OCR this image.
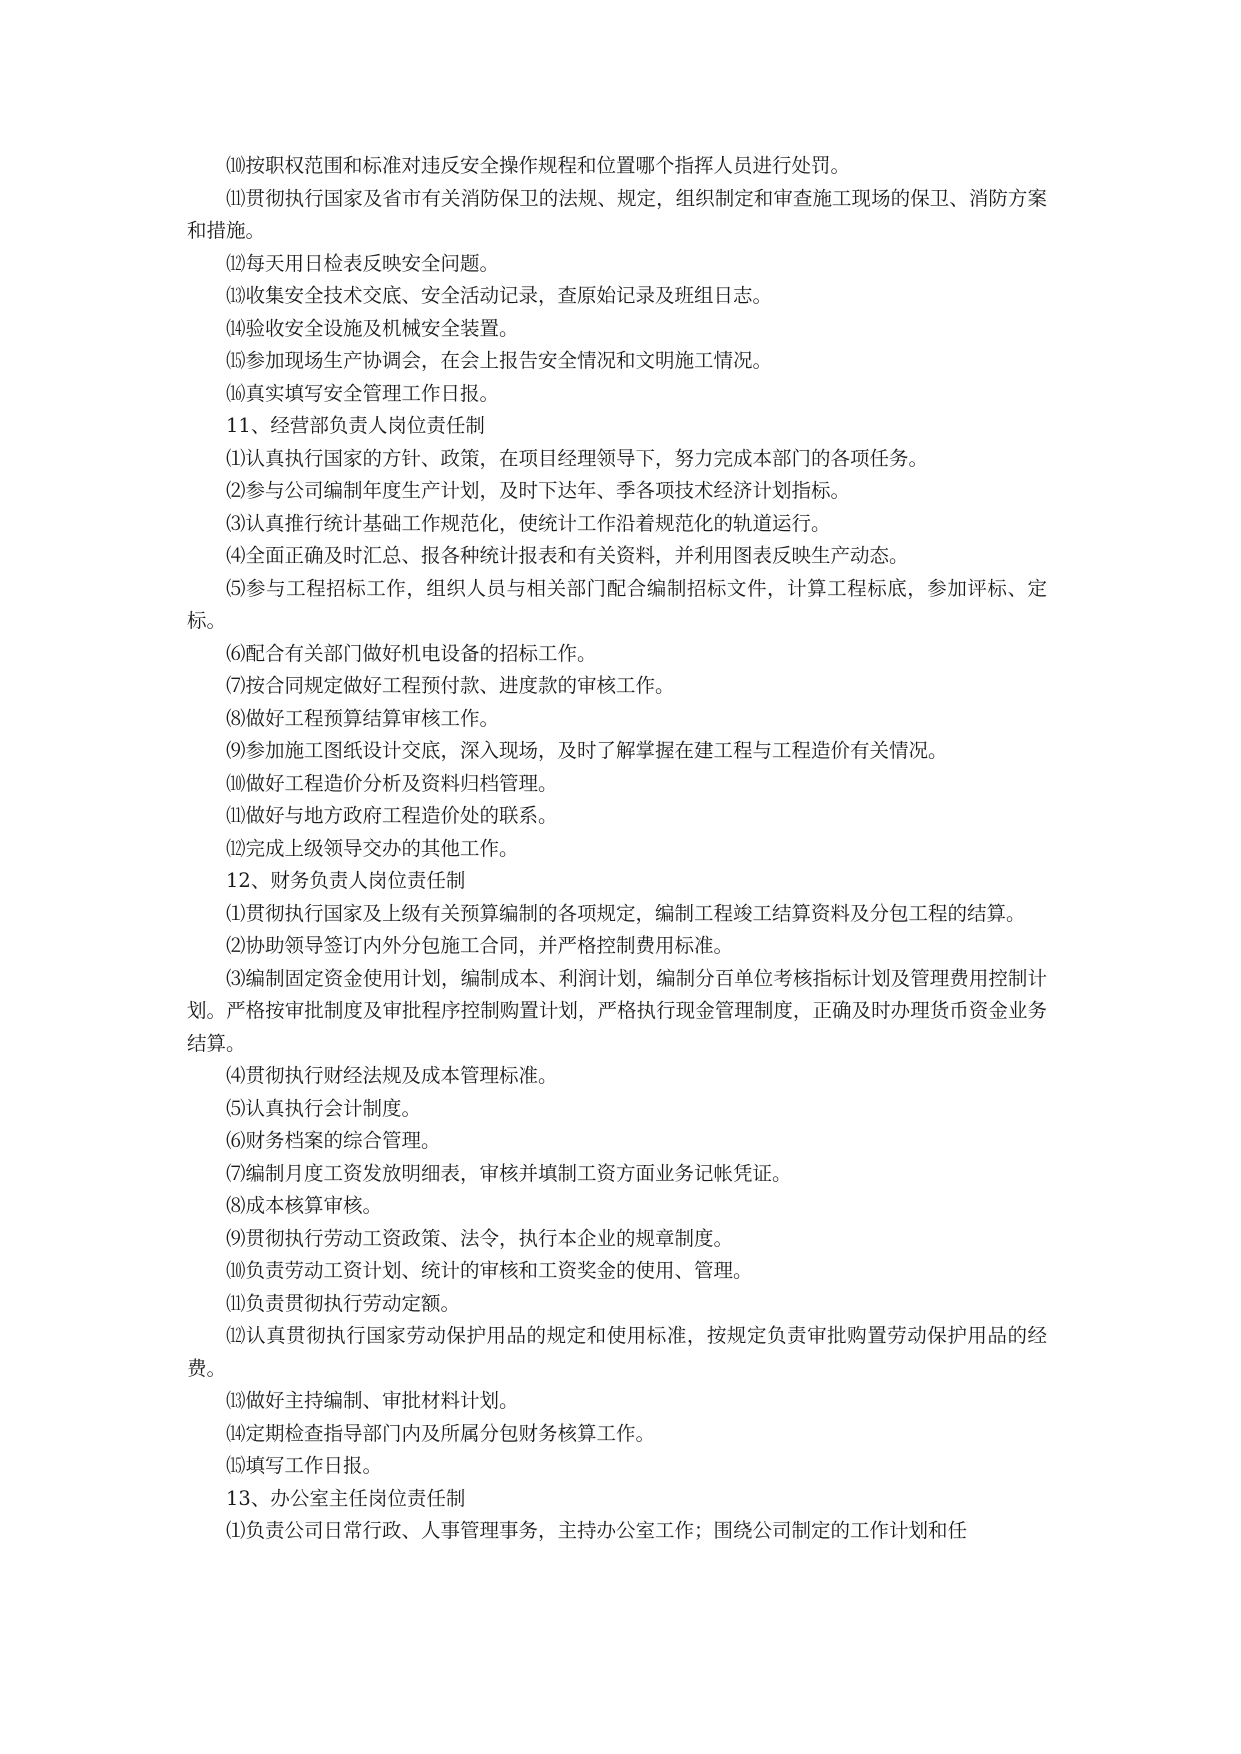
⑽按职权范围和标准对违反安全操作规程和位置哪个指挥人员进行处罚。

⑾贯彻执行国家及省市有关消防保卫的法规、规定，组织制定和审查施工现场的保卫、消防方案和措施。

⑿每天用日检表反映安全问题。

⒀收集安全技术交底、安全活动记录，查原始记录及班组日志。

⒁验收安全设施及机械安全装置。

⒂参加现场生产协调会，在会上报告安全情况和文明施工情况。

⒃真实填写安全管理工作日报。

11、经营部负责人岗位责任制

⑴认真执行国家的方针、政策，在项目经理领导下，努力完成本部门的各项任务。

⑵参与公司编制年度生产计划，及时下达年、季各项技术经济计划指标。

⑶认真推行统计基础工作规范化，使统计工作沿着规范化的轨道运行。

⑷全面正确及时汇总、报各种统计报表和有关资料，并利用图表反映生产动态。

⑸参与工程招标工作，组织人员与相关部门配合编制招标文件，计算工程标底，参加评标、定标。

⑹配合有关部门做好机电设备的招标工作。

⑺按合同规定做好工程预付款、进度款的审核工作。

⑻做好工程预算结算审核工作。

⑼参加施工图纸设计交底，深入现场，及时了解掌握在建工程与工程造价有关情况。

⑽做好工程造价分析及资料归档管理。

⑾做好与地方政府工程造价处的联系。

⑿完成上级领导交办的其他工作。

12、财务负责人岗位责任制

⑴贯彻执行国家及上级有关预算编制的各项规定，编制工程竣工结算资料及分包工程的结算。

⑵协助领导签订内外分包施工合同，并严格控制费用标准。

⑶编制固定资金使用计划，编制成本、利润计划，编制分百单位考核指标计划及管理费用控制计划。严格按审批制度及审批程序控制购置计划，严格执行现金管理制度，正确及时办理货币资金业务结算。

⑷贯彻执行财经法规及成本管理标准。

⑸认真执行会计制度。

⑹财务档案的综合管理。

⑺编制月度工资发放明细表，审核并填制工资方面业务记帐凭证。

⑻成本核算审核。

⑼贯彻执行劳动工资政策、法令，执行本企业的规章制度。

⑽负责劳动工资计划、统计的审核和工资奖金的使用、管理。

⑾负责贯彻执行劳动定额。

⑿认真贯彻执行国家劳动保护用品的规定和使用标准，按规定负责审批购置劳动保护用品的经费。

⒀做好主持编制、审批材料计划。

⒁定期检查指导部门内及所属分包财务核算工作。

⒂填写工作日报。

13、办公室主任岗位责任制

⑴负责公司日常行政、人事管理事务，主持办公室工作；围绕公司制定的工作计划和任
